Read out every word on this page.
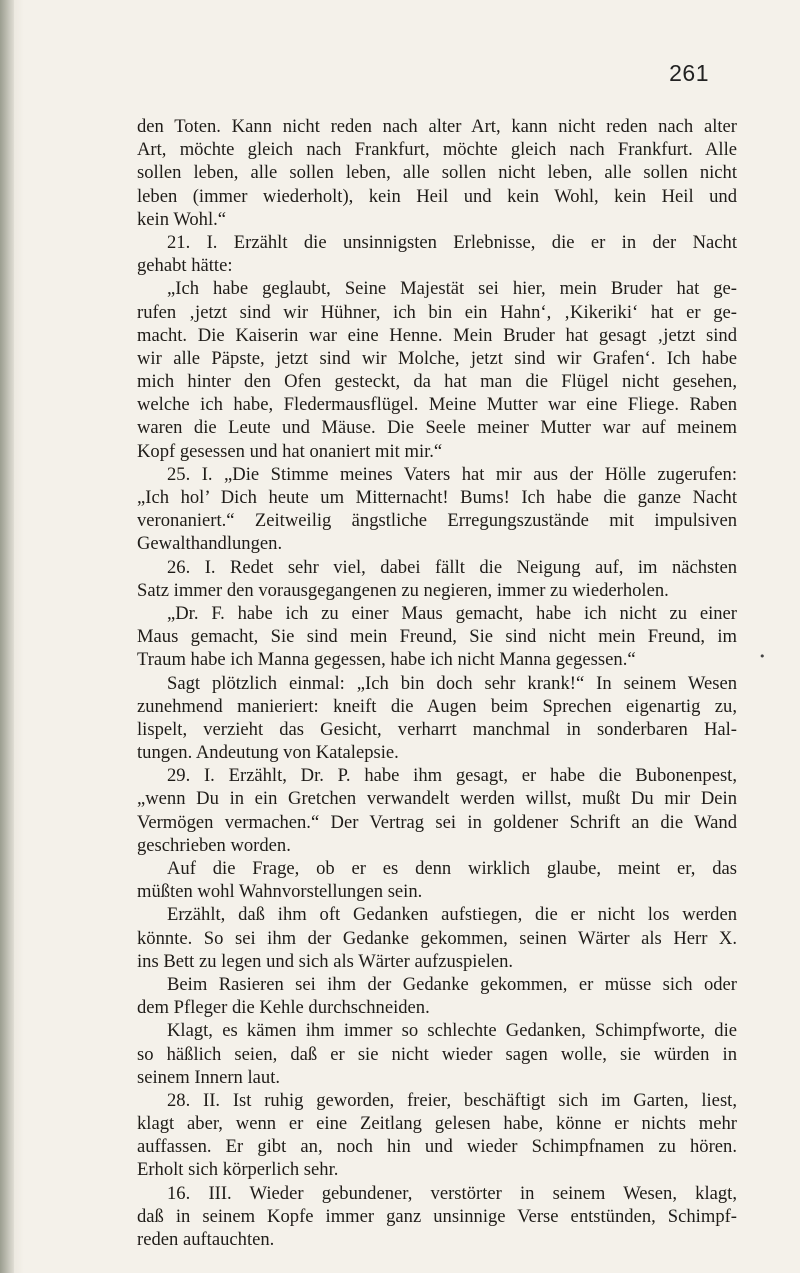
261
•
den Toten. Kann nicht reden nach alter Art, kann nicht reden nach alter
Art, möchte gleich nach Frankfurt, möchte gleich nach Frankfurt. Alle
sollen leben, alle sollen leben, alle sollen nicht leben, alle sollen nicht
leben (immer wiederholt), kein Heil und kein Wohl, kein Heil und
kein Wohl.“
21. I. Erzählt die unsinnigsten Erlebnisse, die er in der Nacht
gehabt hätte:
„Ich habe geglaubt, Seine Majestät sei hier, mein Bruder hat ge-
rufen ‚jetzt sind wir Hühner, ich bin ein Hahn‘, ‚Kikeriki‘ hat er ge-
macht. Die Kaiserin war eine Henne. Mein Bruder hat gesagt ‚jetzt sind
wir alle Päpste, jetzt sind wir Molche, jetzt sind wir Grafen‘. Ich habe
mich hinter den Ofen gesteckt, da hat man die Flügel nicht gesehen,
welche ich habe, Fledermausflügel. Meine Mutter war eine Fliege. Raben
waren die Leute und Mäuse. Die Seele meiner Mutter war auf meinem
Kopf gesessen und hat onaniert mit mir.“
25. I. „Die Stimme meines Vaters hat mir aus der Hölle zugerufen:
„Ich hol’ Dich heute um Mitternacht! Bums! Ich habe die ganze Nacht
veronaniert.“ Zeitweilig ängstliche Erregungszustände mit impulsiven
Gewalthandlungen.
26. I. Redet sehr viel, dabei fällt die Neigung auf, im nächsten
Satz immer den vorausgegangenen zu negieren, immer zu wiederholen.
„Dr. F. habe ich zu einer Maus gemacht, habe ich nicht zu einer
Maus gemacht, Sie sind mein Freund, Sie sind nicht mein Freund, im
Traum habe ich Manna gegessen, habe ich nicht Manna gegessen.“
Sagt plötzlich einmal: „Ich bin doch sehr krank!“ In seinem Wesen
zunehmend manieriert: kneift die Augen beim Sprechen eigenartig zu,
lispelt, verzieht das Gesicht, verharrt manchmal in sonderbaren Hal-
tungen. Andeutung von Katalepsie.
29. I. Erzählt, Dr. P. habe ihm gesagt, er habe die Bubonenpest,
„wenn Du in ein Gretchen verwandelt werden willst, mußt Du mir Dein
Vermögen vermachen.“ Der Vertrag sei in goldener Schrift an die Wand
geschrieben worden.
Auf die Frage, ob er es denn wirklich glaube, meint er, das
müßten wohl Wahnvorstellungen sein.
Erzählt, daß ihm oft Gedanken aufstiegen, die er nicht los werden
könnte. So sei ihm der Gedanke gekommen, seinen Wärter als Herr X.
ins Bett zu legen und sich als Wärter aufzuspielen.
Beim Rasieren sei ihm der Gedanke gekommen, er müsse sich oder
dem Pfleger die Kehle durchschneiden.
Klagt, es kämen ihm immer so schlechte Gedanken, Schimpfworte, die
so häßlich seien, daß er sie nicht wieder sagen wolle, sie würden in
seinem Innern laut.
28. II. Ist ruhig geworden, freier, beschäftigt sich im Garten, liest,
klagt aber, wenn er eine Zeitlang gelesen habe, könne er nichts mehr
auffassen. Er gibt an, noch hin und wieder Schimpfnamen zu hören.
Erholt sich körperlich sehr.
16. III. Wieder gebundener, verstörter in seinem Wesen, klagt,
daß in seinem Kopfe immer ganz unsinnige Verse entstünden, Schimpf-
reden auftauchten.
